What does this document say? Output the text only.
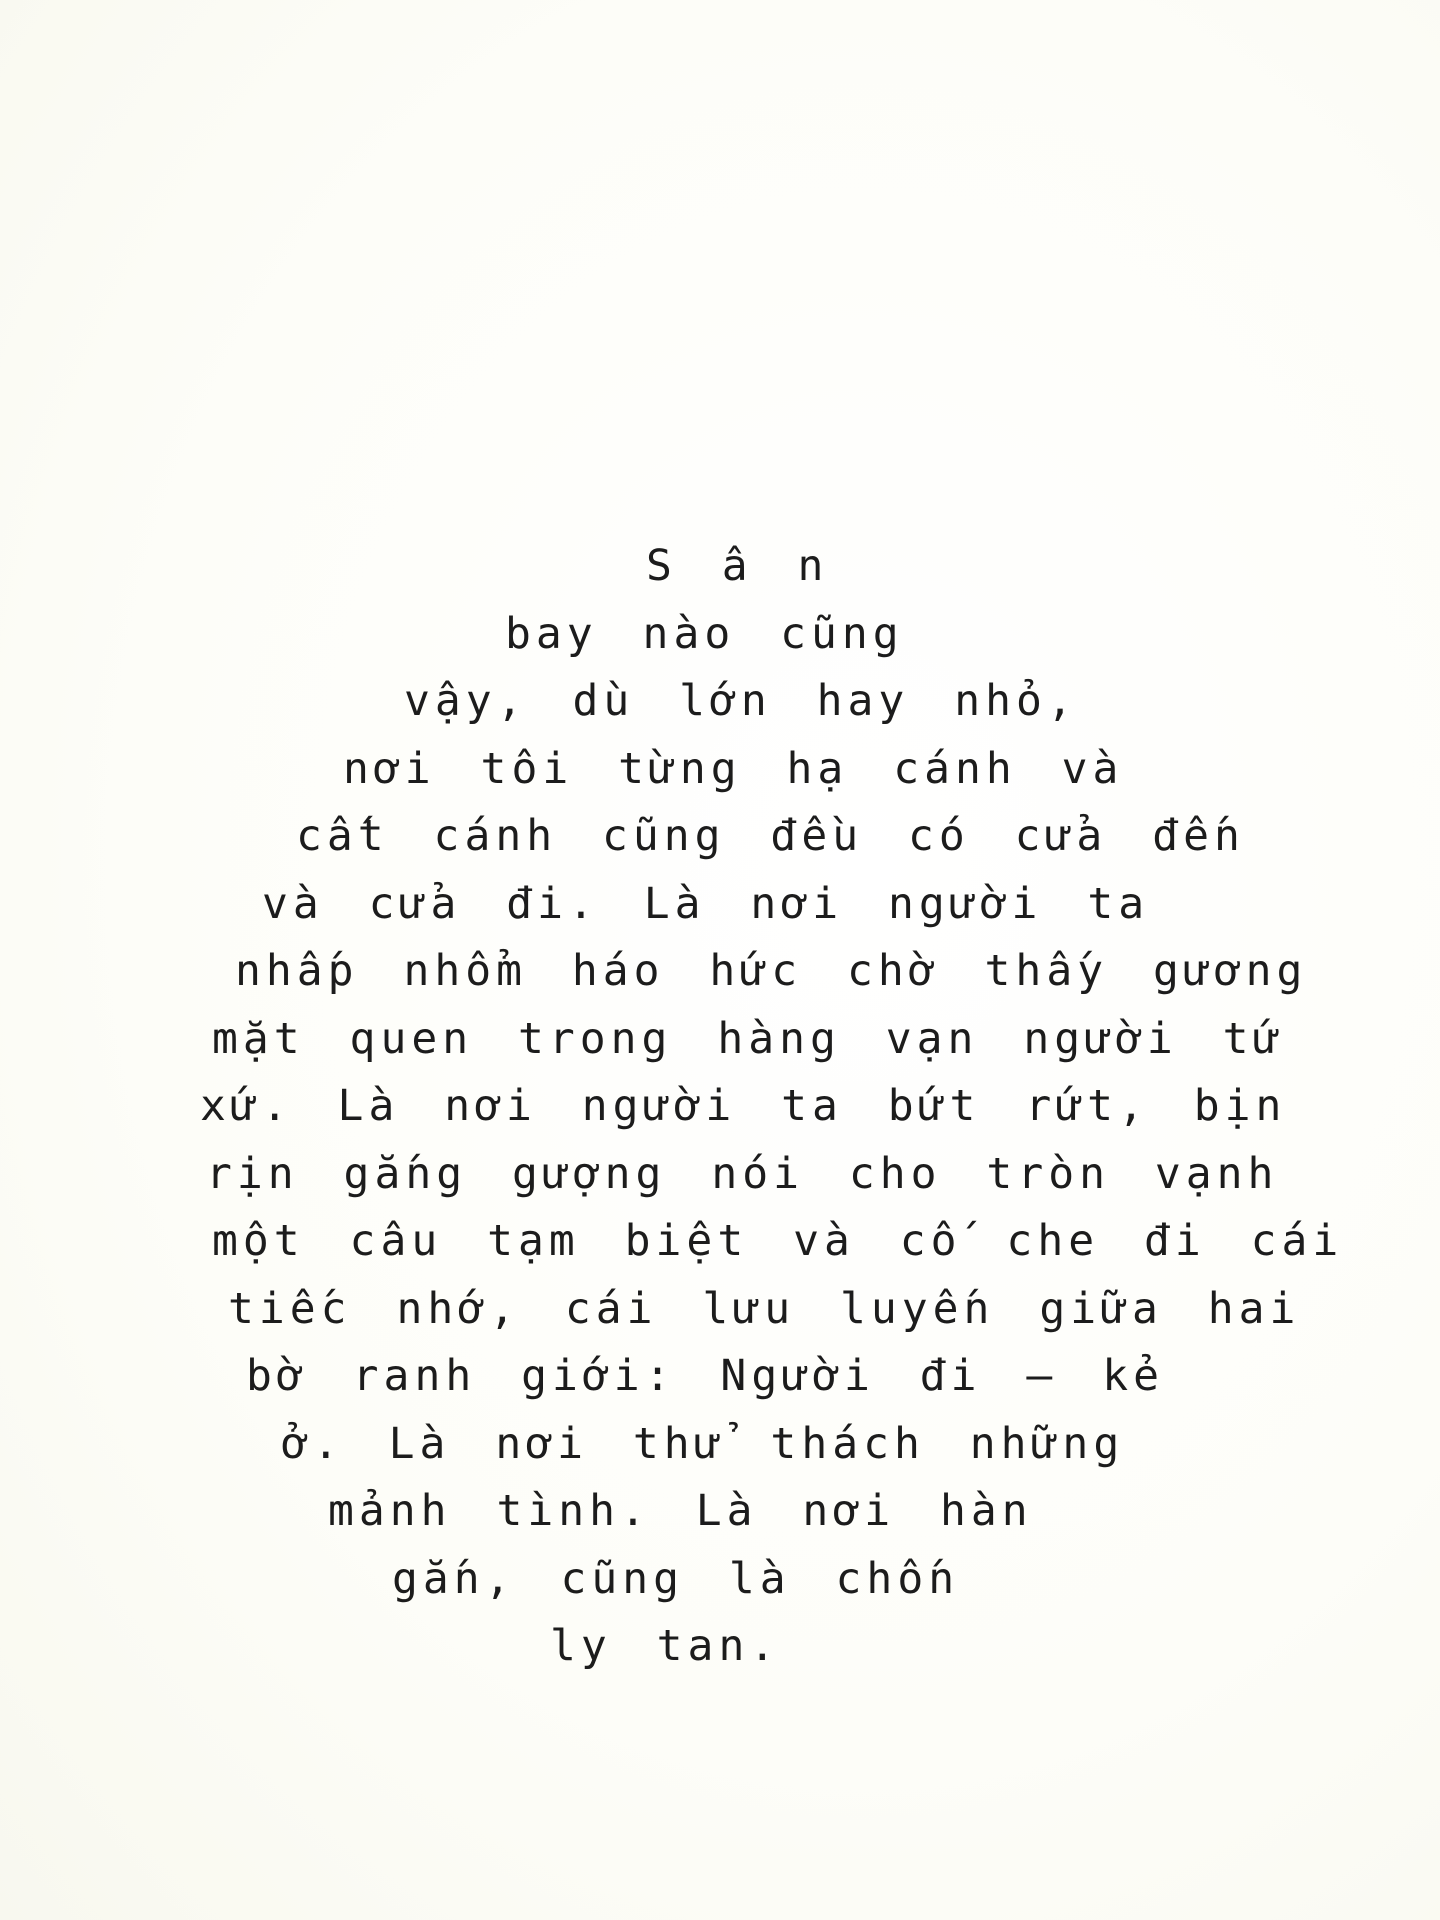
S â n
bay nào cũng
vậy, dù lớn hay nhỏ,
nơi tôi từng hạ cánh và
cất cánh cũng đều có cửa đến
và cửa đi. Là nơi người ta
nhấp nhổm háo hức chờ thấy gương
mặt quen trong hàng vạn người tứ
xứ. Là nơi người ta bứt rứt, bịn
rịn gắng gượng nói cho tròn vạnh
một câu tạm biệt và cố che đi cái
tiếc nhớ, cái lưu luyến giữa hai
bờ ranh giới: Người đi – kẻ
ở. Là nơi thử thách những
mảnh tình. Là nơi hàn
gắn, cũng là chốn
ly tan.
